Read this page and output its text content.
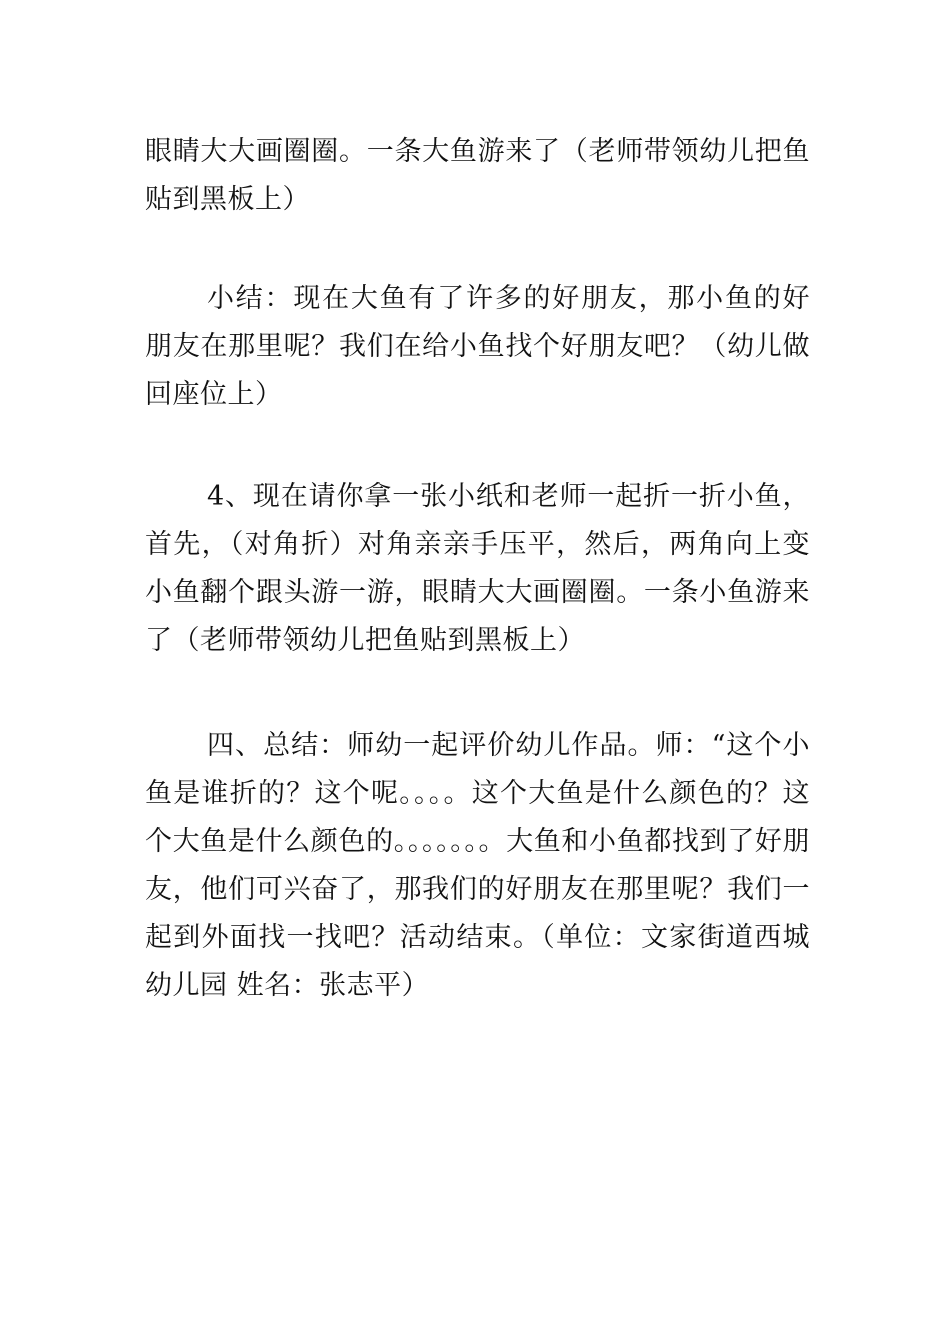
眼睛大大画圈圈。一条大鱼游来了（老师带领幼儿把鱼贴到黑板上）

小结：现在大鱼有了许多的好朋友，那小鱼的好朋友在那里呢？我们在给小鱼找个好朋友吧？（幼儿做回座位上）

4、现在请你拿一张小纸和老师一起折一折小鱼，首先，（对角折）对角亲亲手压平，然后，两角向上变小鱼翻个跟头游一游，眼睛大大画圈圈。一条小鱼游来了（老师带领幼儿把鱼贴到黑板上）

四、总结：师幼一起评价幼儿作品。师：“这个小鱼是谁折的？这个呢。。。。这个大鱼是什么颜色的？这个大鱼是什么颜色的。。。。。。。大鱼和小鱼都找到了好朋友，他们可兴奋了，那我们的好朋友在那里呢？我们一起到外面找一找吧？活动结束。（单位：文家街道西城幼儿园 姓名：张志平）
